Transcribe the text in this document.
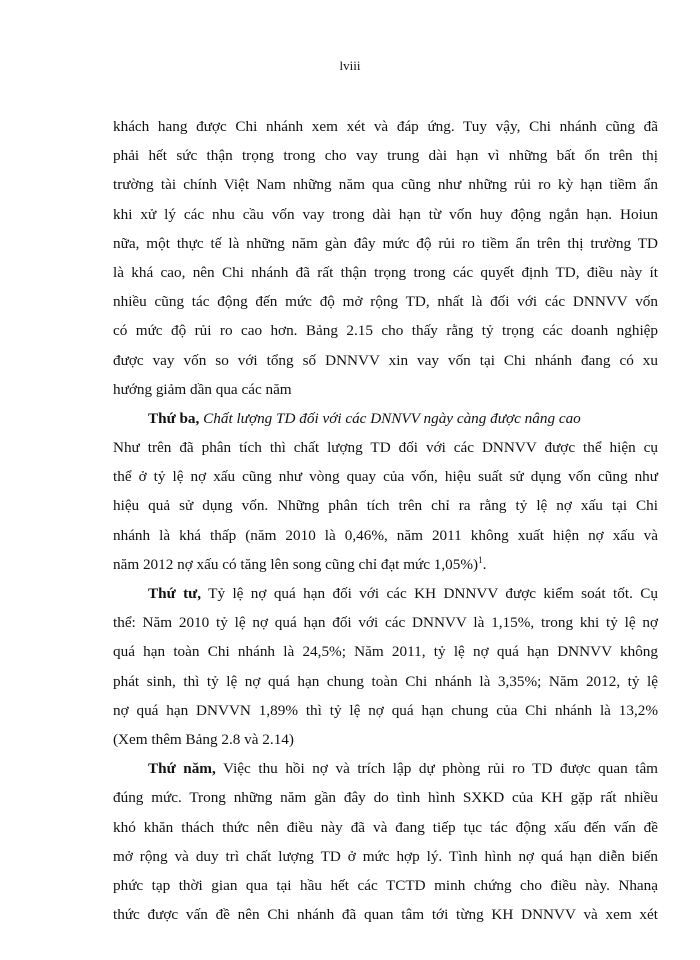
lviii

khách hang được Chi nhánh xem xét và đáp ứng. Tuy vậy, Chi nhánh cũng đã
phải hết sức thận trọng trong cho vay trung dài hạn vì những bất ổn trên thị
trường tài chính Việt Nam những năm qua cũng như những rủi ro kỳ hạn tiềm ẩn
khi xử lý các nhu cầu vốn vay trong dài hạn từ vốn huy động ngắn hạn. Hoiun
nữa, một thực tế là những năm gàn đây mức độ rủi ro tiềm ẩn trên thị trường TD
là khá cao, nên Chi nhánh đã rất thận trọng trong các quyết định TD, điều này ít
nhiều cũng tác động đến mức độ mở rộng TD, nhất là đối với các DNNVV vốn
có mức độ rủi ro cao hơn. Bảng 2.15 cho thấy rằng tỷ trọng các doanh nghiệp
được vay vốn so với tổng số DNNVV xin vay vốn tại Chi nhánh đang có xu
hướng giảm dần qua các năm

Thứ ba, Chất lượng TD đối với các DNNVV ngày càng được nâng cao

Như trên đã phân tích thì chất lượng TD đối với các DNNVV được thể hiện cụ
thể ở tỷ lệ nợ xấu cũng như vòng quay của vốn, hiệu suất sử dụng vốn cũng như
hiệu quả sử dụng vốn. Những phân tích trên chỉ ra rằng tỷ lệ nợ xấu tại Chi
nhánh là khá thấp (năm 2010 là 0,46%, năm 2011 không xuất hiện nợ xấu và
năm 2012 nợ xấu có tăng lên song cũng chỉ đạt mức 1,05%)$^1$.

Thứ tư, Tỷ lệ nợ quá hạn đối với các KH DNNVV được kiểm soát tốt. Cụ
thể: Năm 2010 tỷ lệ nợ quá hạn đối với các DNNVV là 1,15%, trong khi tỷ lệ nợ
quá hạn toàn Chi nhánh là 24,5%; Năm 2011, tỷ lệ nợ quá hạn DNNVV không
phát sinh, thì tỷ lệ nợ quá hạn chung toàn Chi nhánh là 3,35%; Năm 2012, tỷ lệ
nợ quá hạn DNVVN 1,89% thì tỷ lệ nợ quá hạn chung của Chi nhánh là 13,2%
(Xem thêm Bảng 2.8 và 2.14)

Thứ năm, Việc thu hồi nợ và trích lập dự phòng rủi ro TD được quan tâm
đúng mức. Trong những năm gần đây do tình hình SXKD của KH gặp rất nhiều
khó khăn thách thức nên điều này đã và đang tiếp tục tác động xấu đến vấn đề
mở rộng và duy trì chất lượng TD ở mức hợp lý. Tình hình nợ quá hạn diễn biến
phức tạp thời gian qua tại hầu hết các TCTD minh chứng cho điều này. Nhanạ
thức được vấn đề nên Chi nhánh đã quan tâm tới từng KH DNNVV và xem xét
